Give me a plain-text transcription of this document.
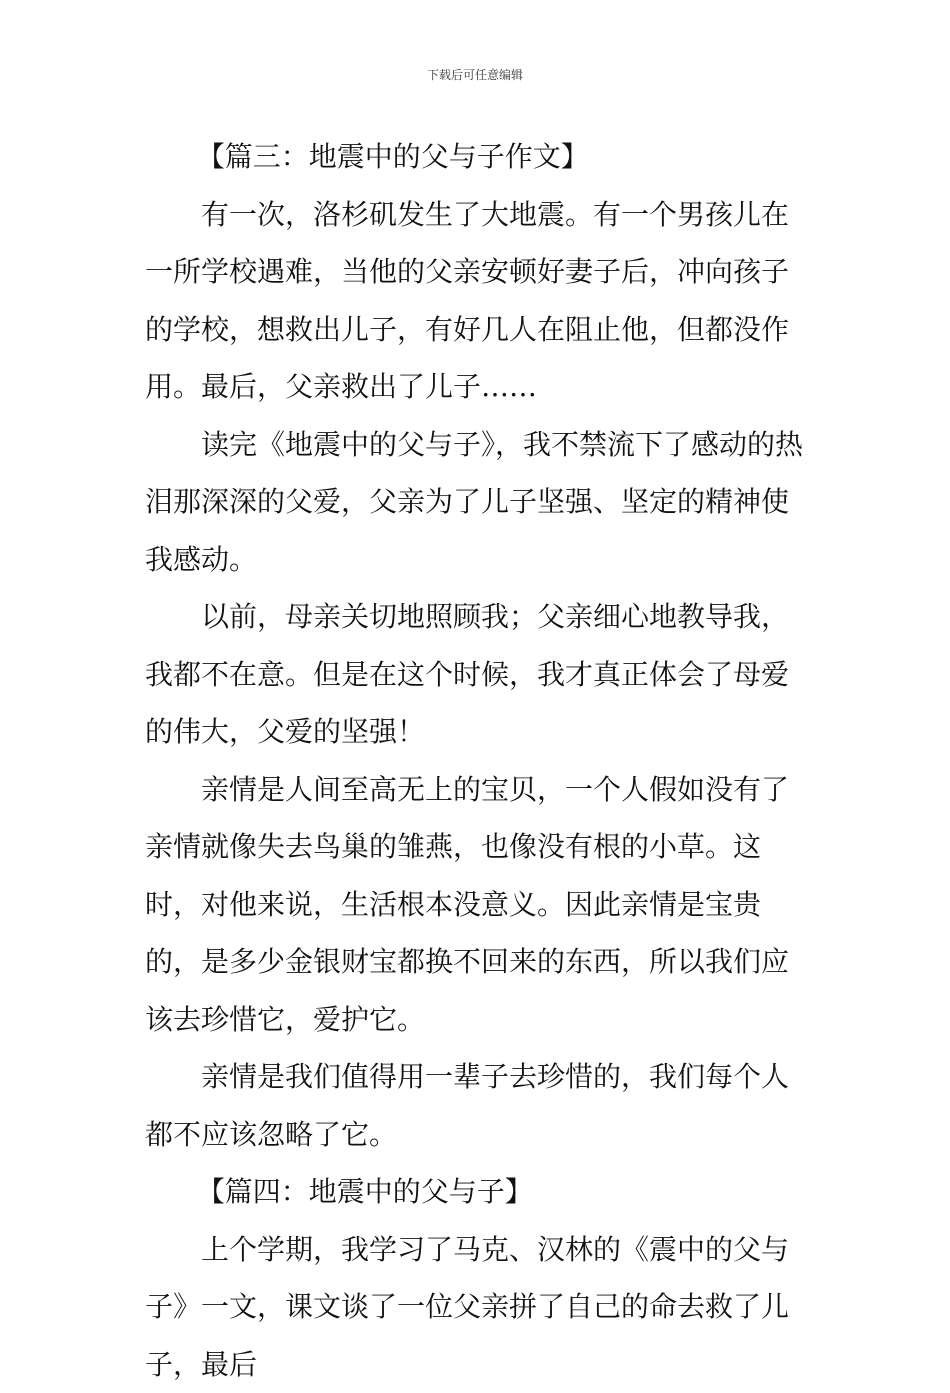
下载后可任意编辑

【篇三：地震中的父与子作文】

有一次，洛杉矶发生了大地震。有一个男孩儿在一所学校遇难，当他的父亲安顿好妻子后，冲向孩子的学校，想救出儿子，有好几人在阻止他，但都没作用。最后，父亲救出了儿子……

读完《地震中的父与子》，我不禁流下了感动的热泪那深深的父爱，父亲为了儿子坚强、坚定的精神使我感动。

以前，母亲关切地照顾我；父亲细心地教导我，我都不在意。但是在这个时候，我才真正体会了母爱的伟大，父爱的坚强！

亲情是人间至高无上的宝贝，一个人假如没有了亲情就像失去鸟巢的雏燕，也像没有根的小草。这时，对他来说，生活根本没意义。因此亲情是宝贵的，是多少金银财宝都换不回来的东西，所以我们应该去珍惜它，爱护它。

亲情是我们值得用一辈子去珍惜的，我们每个人都不应该忽略了它。

【篇四：地震中的父与子】

上个学期，我学习了马克、汉林的《震中的父与子》一文，课文谈了一位父亲拼了自己的命去救了儿子，最后
